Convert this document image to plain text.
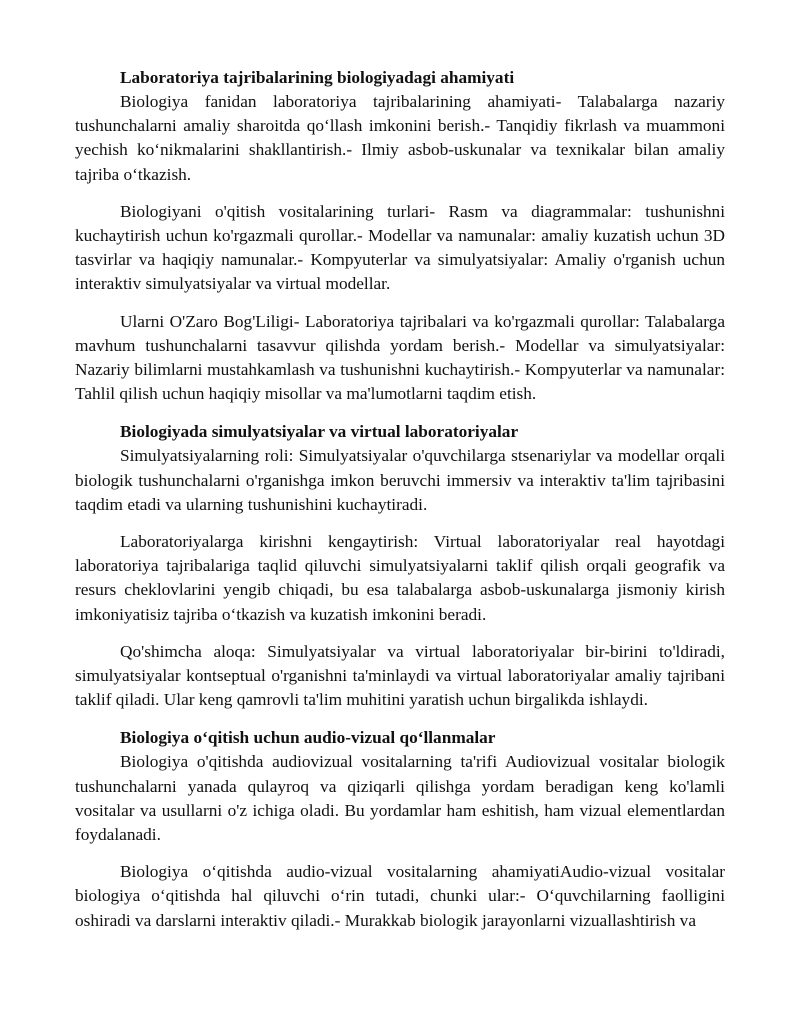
Laboratoriya tajribalarining biologiyadagi ahamiyati

Biologiya fanidan laboratoriya tajribalarining ahamiyati- Talabalarga nazariy tushunchalarni amaliy sharoitda qo‘llash imkonini berish.- Tanqidiy fikrlash va muammoni yechish ko‘nikmalarini shakllantirish.- Ilmiy asbob-uskunalar va texnikalar bilan amaliy tajriba o‘tkazish.

Biologiyani o'qitish vositalarining turlari- Rasm va diagrammalar: tushunishni kuchaytirish uchun ko'rgazmali qurollar.- Modellar va namunalar: amaliy kuzatish uchun 3D tasvirlar va haqiqiy namunalar.- Kompyuterlar va simulyatsiyalar: Amaliy o'rganish uchun interaktiv simulyatsiyalar va virtual modellar.

Ularni O'Zaro Bog'Liligi- Laboratoriya tajribalari va ko'rgazmali qurollar: Talabalarga mavhum tushunchalarni tasavvur qilishda yordam berish.- Modellar va simulyatsiyalar: Nazariy bilimlarni mustahkamlash va tushunishni kuchaytirish.- Kompyuterlar va namunalar: Tahlil qilish uchun haqiqiy misollar va ma'lumotlarni taqdim etish.

Biologiyada simulyatsiyalar va virtual laboratoriyalar

Simulyatsiyalarning roli: Simulyatsiyalar o'quvchilarga stsenariylar va modellar orqali biologik tushunchalarni o'rganishga imkon beruvchi immersiv va interaktiv ta'lim tajribasini taqdim etadi va ularning tushunishini kuchaytiradi.

Laboratoriyalarga kirishni kengaytirish: Virtual laboratoriyalar real hayotdagi laboratoriya tajribalariga taqlid qiluvchi simulyatsiyalarni taklif qilish orqali geografik va resurs cheklovlarini yengib chiqadi, bu esa talabalarga asbob-uskunalarga jismoniy kirish imkoniyatisiz tajriba o‘tkazish va kuzatish imkonini beradi.

Qo'shimcha aloqa: Simulyatsiyalar va virtual laboratoriyalar bir-birini to'ldiradi, simulyatsiyalar kontseptual o'rganishni ta'minlaydi va virtual laboratoriyalar amaliy tajribani taklif qiladi. Ular keng qamrovli ta'lim muhitini yaratish uchun birgalikda ishlaydi.

Biologiya o‘qitish uchun audio-vizual qo‘llanmalar

Biologiya o'qitishda audiovizual vositalarning ta'rifi Audiovizual vositalar biologik tushunchalarni yanada qulayroq va qiziqarli qilishga yordam beradigan keng ko'lamli vositalar va usullarni o'z ichiga oladi. Bu yordamlar ham eshitish, ham vizual elementlardan foydalanadi.

Biologiya o‘qitishda audio-vizual vositalarning ahamiyatiAudio-vizual vositalar biologiya o‘qitishda hal qiluvchi o‘rin tutadi, chunki ular:- O‘quvchilarning faolligini oshiradi va darslarni interaktiv qiladi.- Murakkab biologik jarayonlarni vizuallashtirish va
